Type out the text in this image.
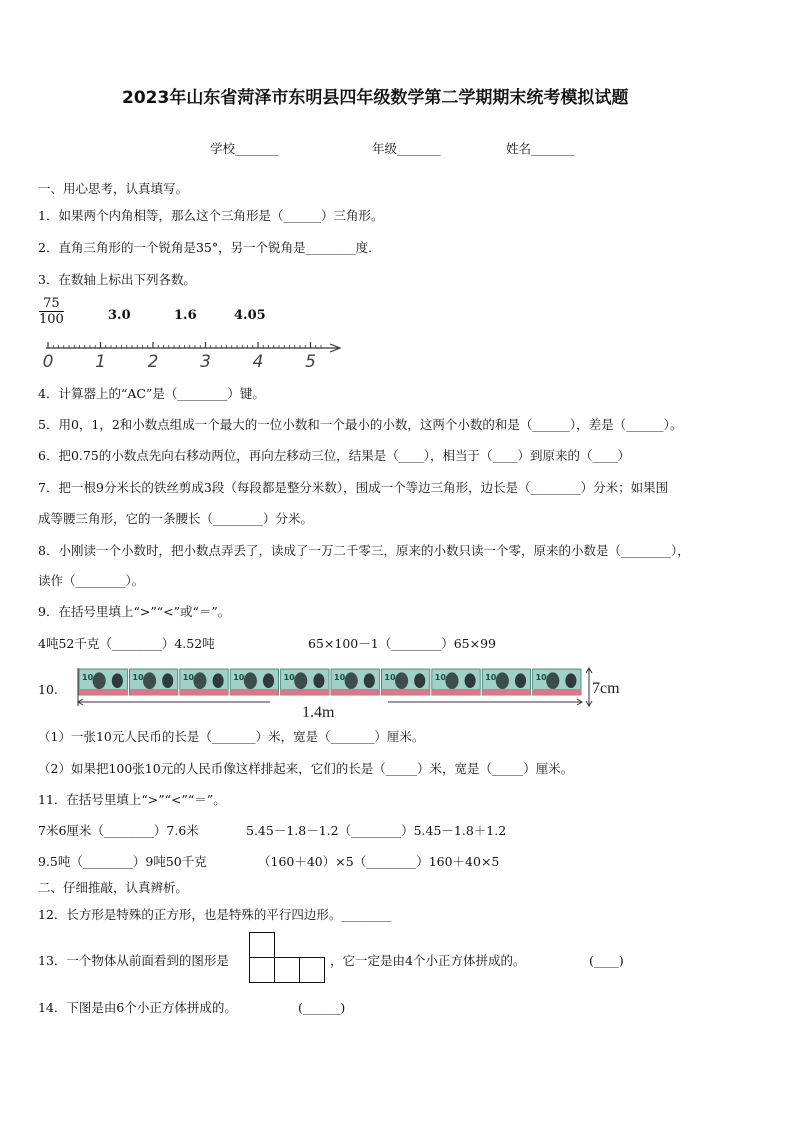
2023年山东省菏泽市东明县四年级数学第二学期期末统考模拟试题
学校_______	年级_______	姓名_______
一、用心思考，认真填写。
1．如果两个内角相等，那么这个三角形是（______）三角形。
2．直角三角形的一个锐角是35°，另一个锐角是________度.
3．在数轴上标出下列各数。
$\frac{75}{100}$	3.0	1.6	4.05
0 1 2 3 4 5
4．计算器上的“AC”是（________）键。
5．用0，1，2和小数点组成一个最大的一位小数和一个最小的小数，这两个小数的和是（______），差是（______）。
6．把0.75的小数点先向右移动两位，再向左移动三位，结果是（____），相当于（____）到原来的（____）
7．把一根9分米长的铁丝剪成3段（每段都是整分米数），围成一个等边三角形，边长是（________）分米；如果围
成等腰三角形，它的一条腰长（________）分米。
8．小刚读一个小数时，把小数点弄丢了，读成了一万二千零三，原来的小数只读一个零，原来的小数是（________），
读作（________）。
9．在括号里填上“>”“<”或“＝”。
4吨52千克（________）4.52吨	65×100－1（________）65×99
10.
10	10	10	10	10	10	10	10	10	10
7cm
1.4m
（1）一张10元人民币的长是（_______）米，宽是（_______）厘米。
（2）如果把100张10元的人民币像这样排起来，它们的长是（_____）米，宽是（_____）厘米。
11．在括号里填上“>”“<”“＝”。
7米6厘米（________）7.6米	5.45－1.8－1.2（________）5.45－1.8＋1.2
9.5吨（________）9吨50千克	（160＋40）×5（________）160＋40×5
二、仔细推敲，认真辨析。
12．长方形是特殊的正方形，也是特殊的平行四边形。________
13．一个物体从前面看到的图形是	，它一定是由4个小正方体拼成的。	(____)
14．下图是由6个小正方体拼成的。	(______)
